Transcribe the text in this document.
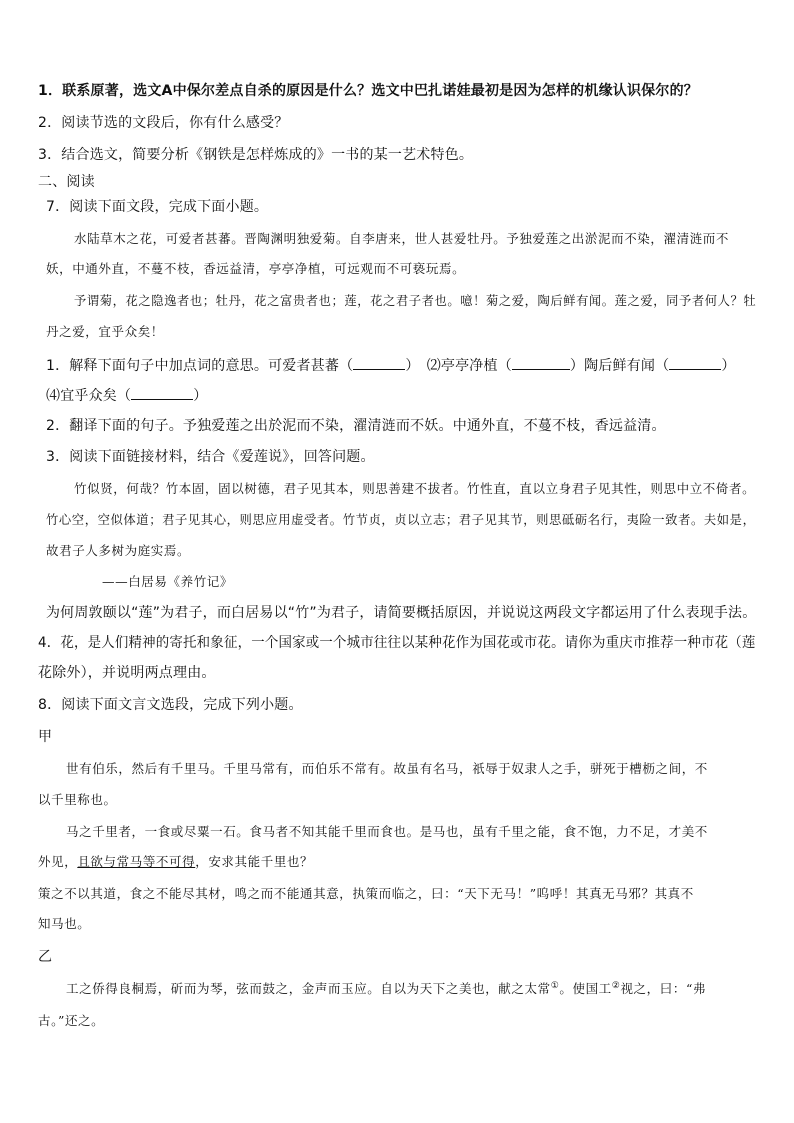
1．联系原著，选文A中保尔差点自杀的原因是什么？选文中巴扎诺娃最初是因为怎样的机缘认识保尔的？
2．阅读节选的文段后，你有什么感受？
3．结合选文，简要分析《钢铁是怎样炼成的》一书的某一艺术特色。
二、阅读
7．阅读下面文段，完成下面小题。
水陆草木之花，可爱者甚蕃。晋陶渊明独爱菊。自李唐来，世人甚爱牡丹。予独爱莲之出淤泥而不染，濯清涟而不
妖，中通外直，不蔓不枝，香远益清，亭亭净植，可远观而不可亵玩焉。
予谓菊，花之隐逸者也；牡丹，花之富贵者也；莲，花之君子者也。噫！菊之爱，陶后鲜有闻。莲之爱，同予者何人？牡
丹之爱，宜乎众矣！
1．解释下面句子中加点词的意思。可爱者甚蕃（	）　⑵亭亭净植（	）陶后鲜有闻（	）
⑷宜乎众矣（	）
2．翻译下面的句子。予独爱莲之出於泥而不染，濯清涟而不妖。中通外直，不蔓不枝，香远益清。
3．阅读下面链接材料，结合《爱莲说》，回答问题。
竹似贤，何哉？竹本固，固以树德，君子见其本，则思善建不拔者。竹性直，直以立身君子见其性，则思中立不倚者。
竹心空，空似体道；君子见其心，则思应用虚受者。竹节贞，贞以立志；君子见其节，则思砥砺名行，夷险一致者。夫如是，
故君子人多树为庭实焉。
——白居易《养竹记》
为何周敦颐以“莲”为君子，而白居易以“竹”为君子，请简要概括原因，并说说这两段文字都运用了什么表现手法。
4．花，是人们精神的寄托和象征，一个国家或一个城市往往以某种花作为国花或市花。请你为重庆市推荐一种市花（莲
花除外），并说明两点理由。
8．阅读下面文言文选段，完成下列小题。
甲
世有伯乐，然后有千里马。千里马常有，而伯乐不常有。故虽有名马，祇辱于奴隶人之手，骈死于槽枥之间，不
以千里称也。
马之千里者，一食或尽粟一石。食马者不知其能千里而食也。是马也，虽有千里之能，食不饱，力不足，才美不
外见，且欲与常马等不可得，安求其能千里也？
策之不以其道，食之不能尽其材，鸣之而不能通其意，执策而临之，曰：“天下无马！”呜呼！其真无马邪？其真不
知马也。
乙
工之侨得良桐焉，斫而为琴，弦而鼓之，金声而玉应。自以为天下之美也，献之太常①。使国工②视之，曰：“弗
古。”还之。
